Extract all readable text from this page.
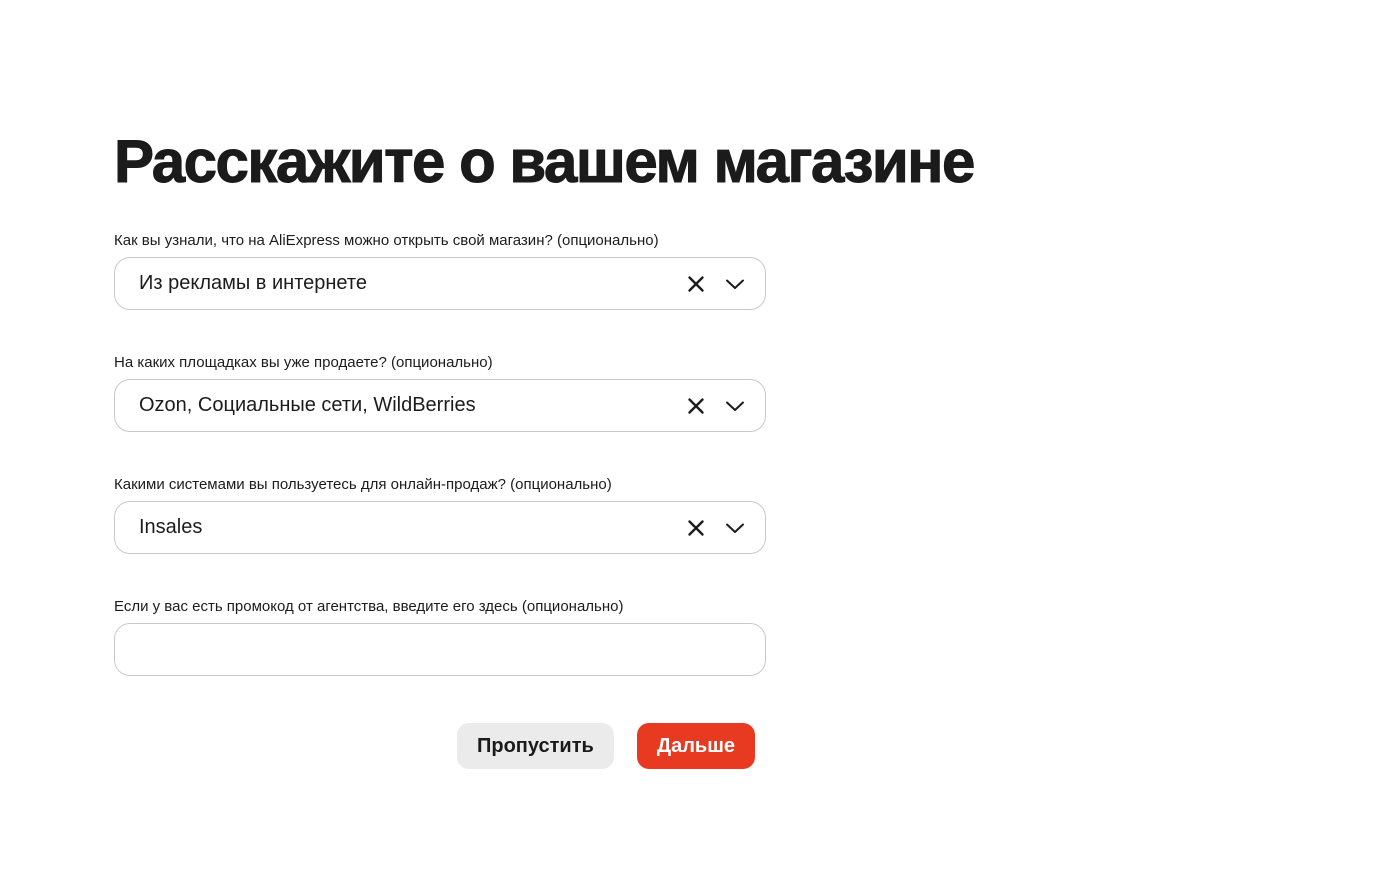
Расскажите о вашем магазине
Как вы узнали, что на AliExpress можно открыть свой магазин? (опционально)
Из рекламы в интернете
На каких площадках вы уже продаете? (опционально)
Ozon, Социальные сети, WildBerries
Какими системами вы пользуетесь для онлайн-продаж? (опционально)
Insales
Если у вас есть промокод от агентства, введите его здесь (опционально)
Пропустить	Дальше
